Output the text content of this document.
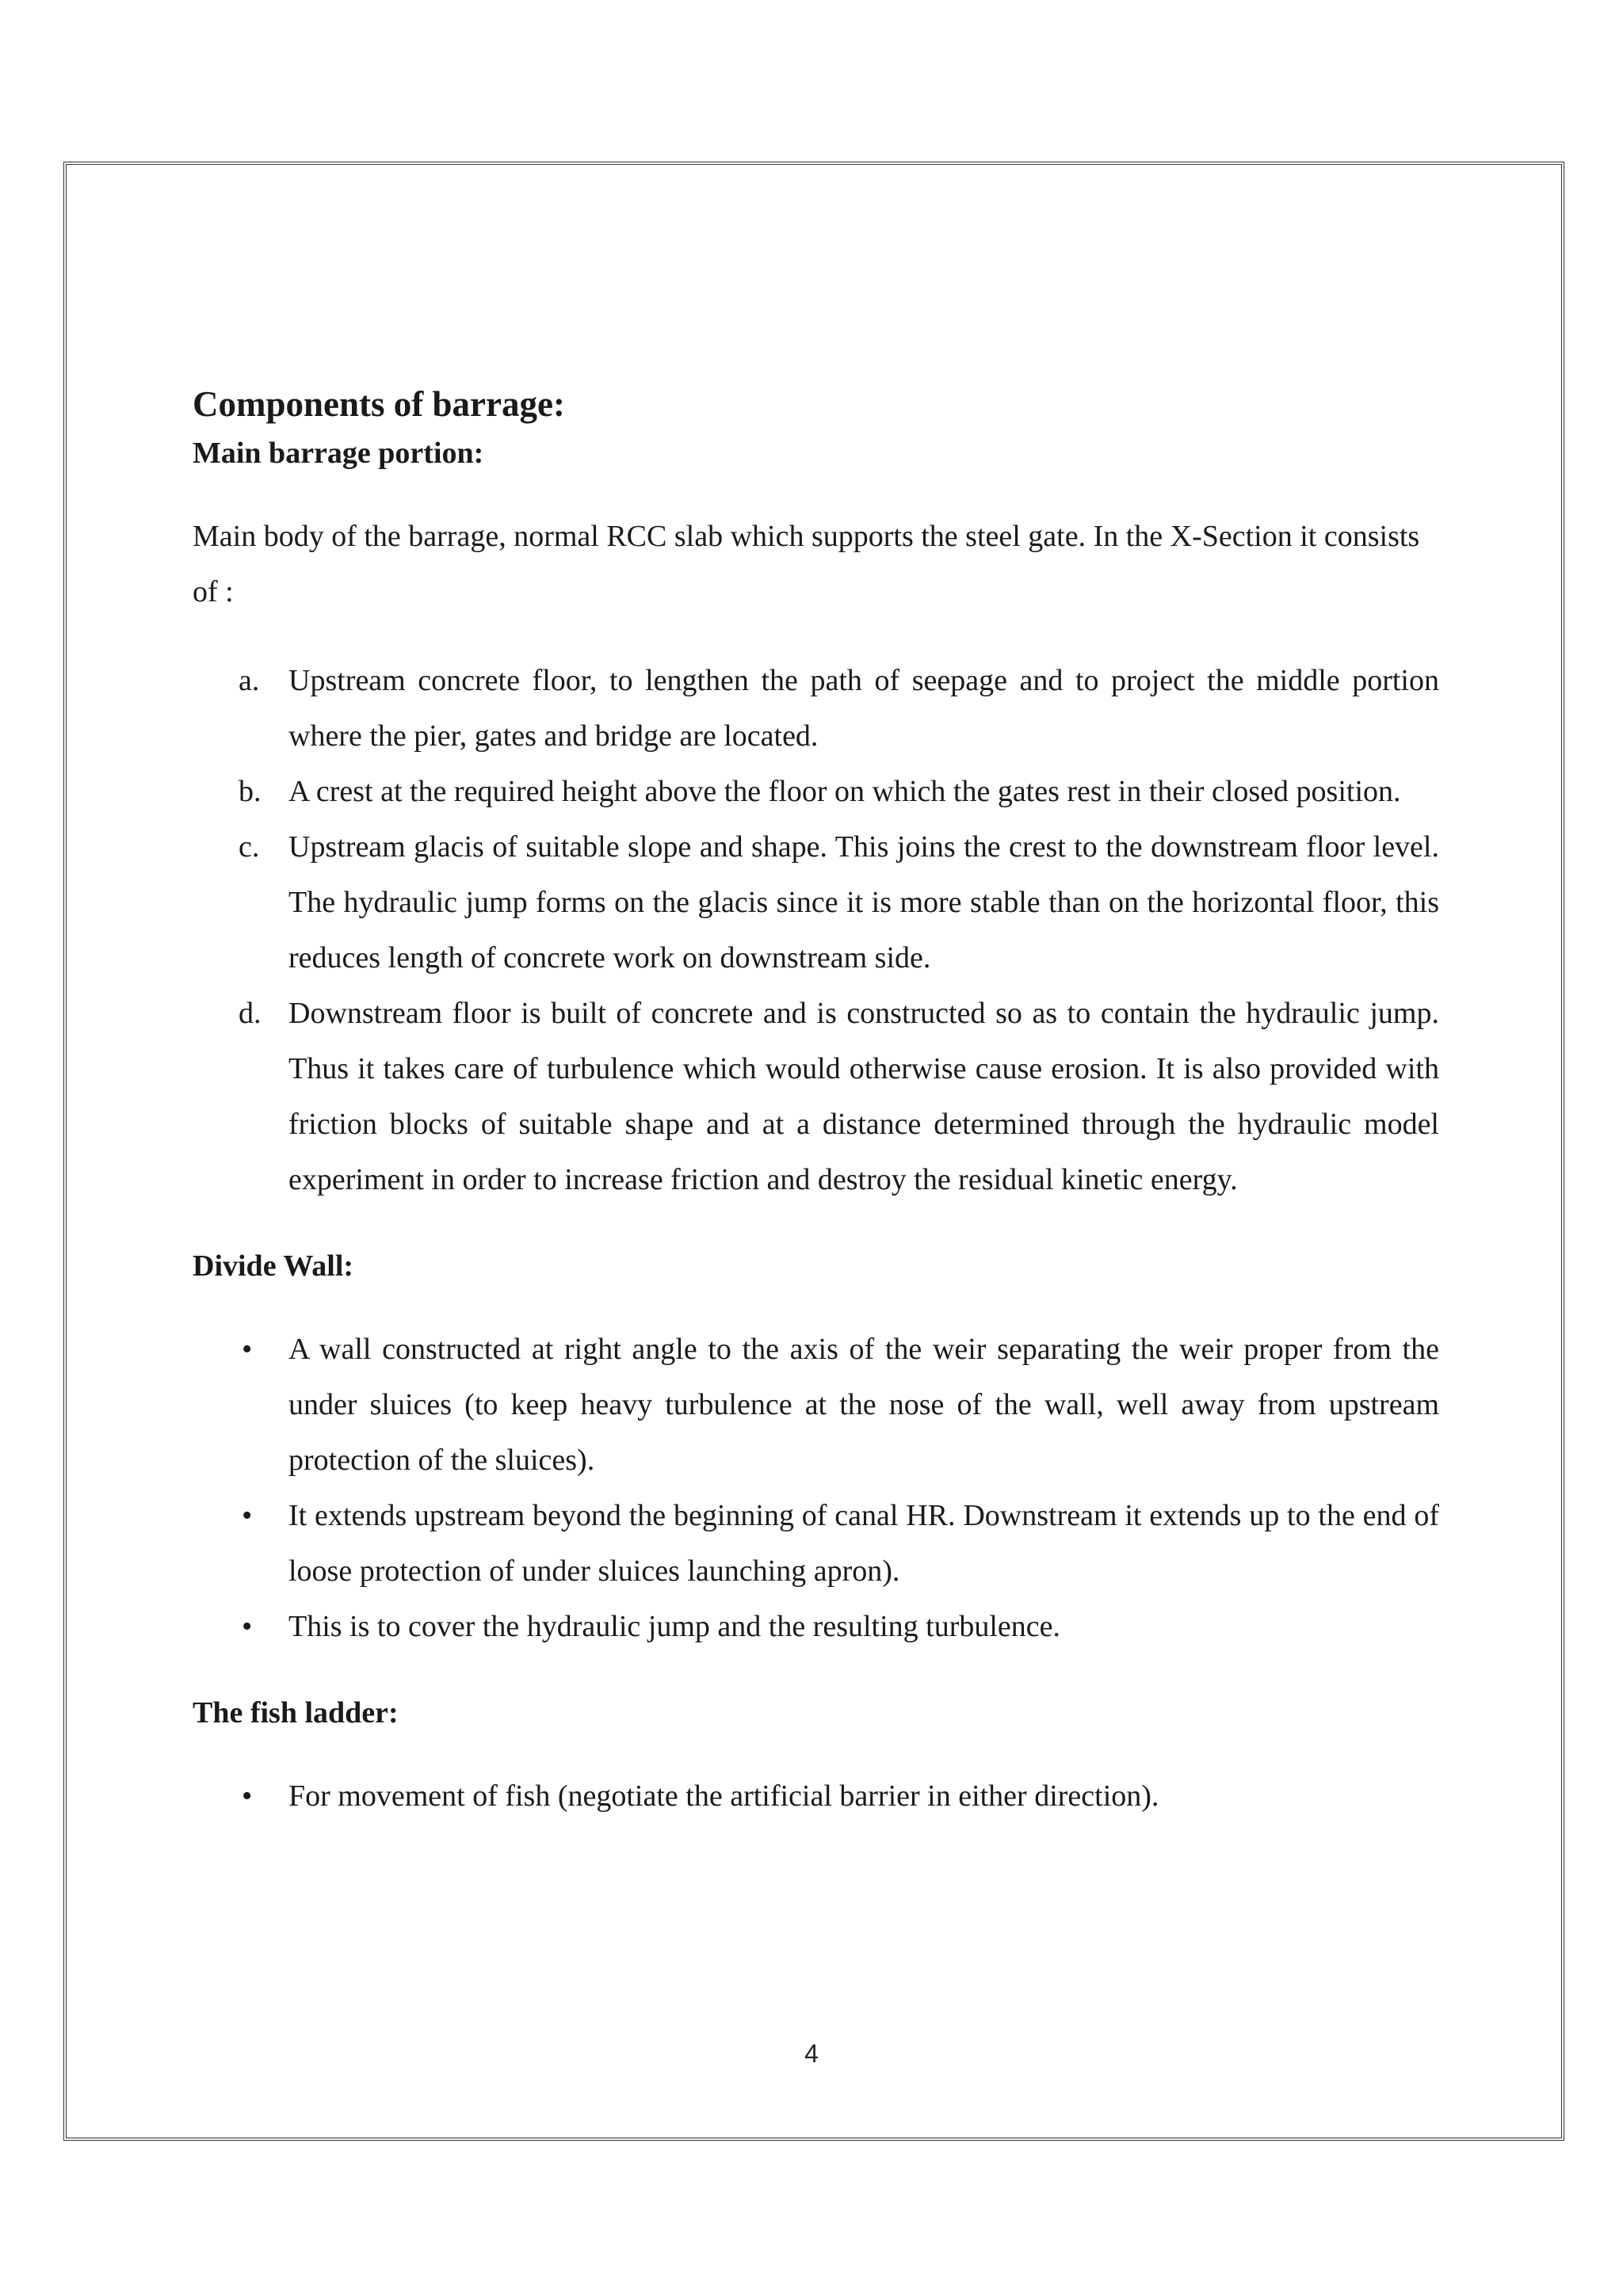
Components of barrage:
Main barrage portion:

Main body of the barrage, normal RCC slab which supports the steel gate. In the X-Section it consists of :

a. Upstream concrete floor, to lengthen the path of seepage and to project the middle portion where the pier, gates and bridge are located.
b. A crest at the required height above the floor on which the gates rest in their closed position.
c. Upstream glacis of suitable slope and shape. This joins the crest to the downstream floor level. The hydraulic jump forms on the glacis since it is more stable than on the horizontal floor, this reduces length of concrete work on downstream side.
d. Downstream floor is built of concrete and is constructed so as to contain the hydraulic jump. Thus it takes care of turbulence which would otherwise cause erosion. It is also provided with friction blocks of suitable shape and at a distance determined through the hydraulic model experiment in order to increase friction and destroy the residual kinetic energy.
Divide Wall:
• A wall constructed at right angle to the axis of the weir separating the weir proper from the under sluices (to keep heavy turbulence at the nose of the wall, well away from upstream protection of the sluices).
• It extends upstream beyond the beginning of canal HR. Downstream it extends up to the end of loose protection of under sluices launching apron).
• This is to cover the hydraulic jump and the resulting turbulence.
The fish ladder:
• For movement of fish (negotiate the artificial barrier in either direction).
4
